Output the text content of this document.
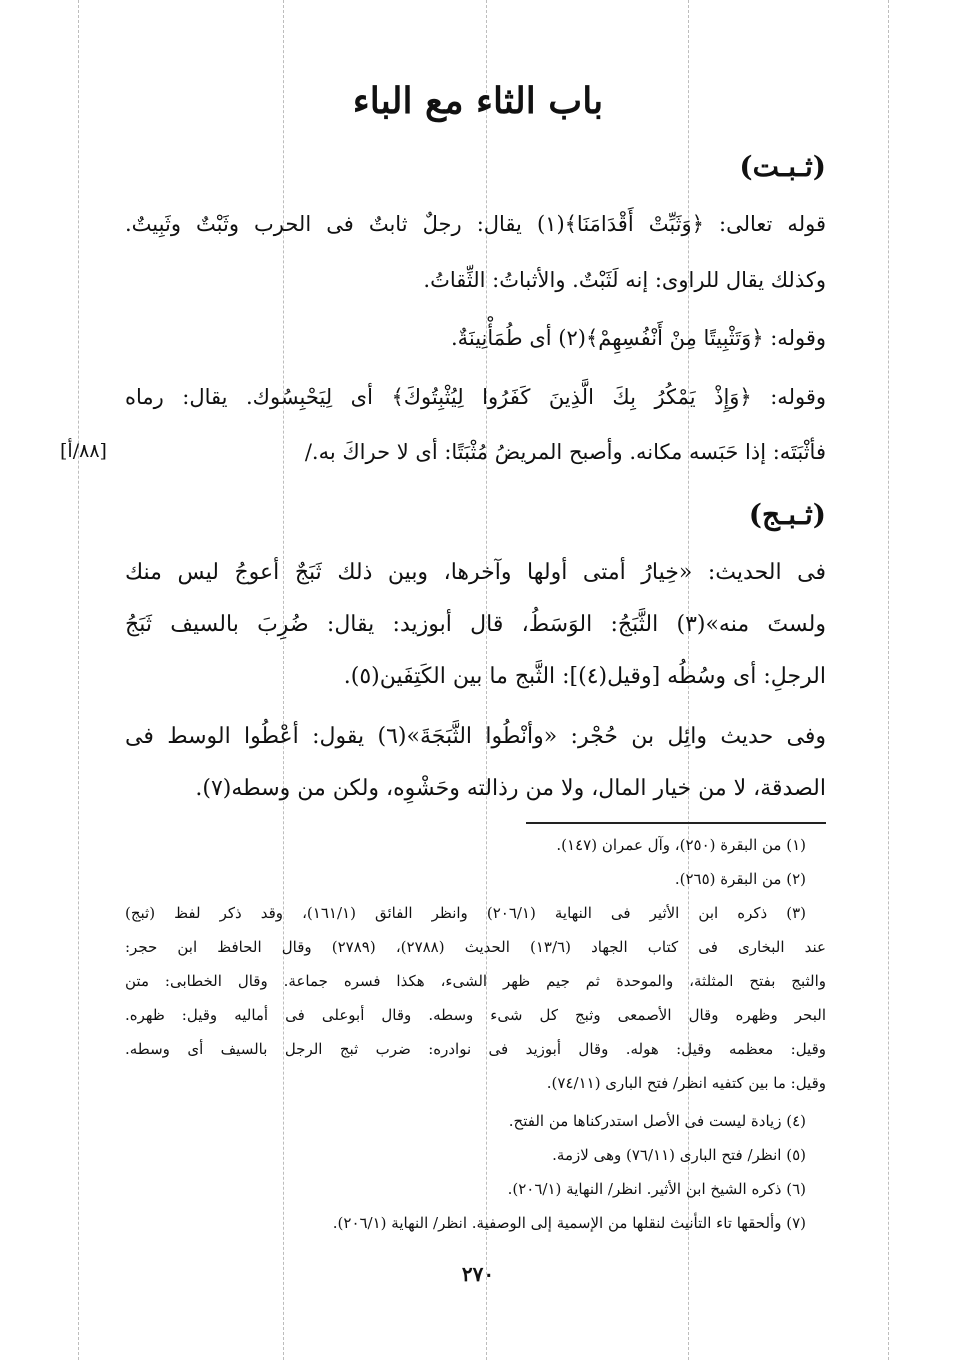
باب الثاء مع الباء
(ثـبـت)
قوله تعالى: ﴿وَثَبِّتْ أَقْدَامَنَا﴾(١) يقال: رجلٌ ثابتٌ فى الحرب وثَبْتٌ وثَبِيتٌ.
وكذلك يقال للراوى: إنه لَثَبْتٌ. والأثباتُ: الثِّقاتُ.
وقوله: ﴿وَتَثْبِيتًا مِنْ أَنْفُسِهِمْ﴾(٢) أى طُمَأْنِينَةٌ.
وقوله: ﴿وَإِذْ يَمْكُرُ بِكَ الَّذِينَ كَفَرُوا لِيُثْبِتُوكَ﴾ أى لِيَحْبِسُوك. يقال: رماه
فأثْبَتَه: إذا حَبَسه مكانه. وأصبح المريضُ مُثْبَتًا: أى لا حراكَ به./
[٨٨/أ]
(ثـبـج)
فى الحديث: «خِيارُ أمتى أولها وآخرها، وبين ذلك ثَبَجٌ أعوجُ ليس منك
ولستَ منه»(٣) الثَّبَجُ: الوَسَطُ، قال أبوزيد: يقال: ضُرِبَ بالسيف ثَبَجُ
الرجلِ: أى وسُطُه [وقيل(٤)]: الثَّبج ما بين الكَتِفَين(٥).
وفى حديث وائِل بن حُجْر: «وأنْطُوا الثَّبَجَةَ»(٦) يقول: أعْطُوا الوسط فى
الصدقة، لا من خيار المال، ولا من رذالته وحَشْوِه، ولكن من وسطه(٧).
(١) من البقرة (٢٥٠)، وآل عمران (١٤٧).
(٢) من البقرة (٢٦٥).
(٣) ذكره ابن الأثير فى النهاية (٢٠٦/١) وانظر الفائق (١٦١/١)، وقد ذكر لفظ (ثبج)
عند البخارى فى كتاب الجهاد (١٣/٦) الحديث (٢٧٨٨)، (٢٧٨٩) وقال الحافظ ابن حجر:
والثبج بفتح المثلثة، والموحدة ثم جيم ظهر الشىء، هكذا فسره جماعة. وقال الخطابى: متن
البحر وظهره وقال الأصمعى وثبج كل شىء وسطه. وقال أبوعلى فى أماليه وقيل: ظهره.
وقيل: معظمه وقيل: هوله. وقال أبوزيد فى نوادره: ضرب ثبج الرجل بالسيف أى وسطه.
وقيل: ما بين كتفيه انظر/ فتح البارى (٧٤/١١).
(٤) زيادة ليست فى الأصل استدركناها من الفتح.
(٥) انظر/ فتح البارى (٧٦/١١) وهى لازمة.
(٦) ذكره الشيخ ابن الأثير. انظر/ النهاية (٢٠٦/١).
(٧) وألحقها تاء التأنيث لنقلها من الإسمية إلى الوصفية. انظر/ النهاية (٢٠٦/١).
٢٧٠
